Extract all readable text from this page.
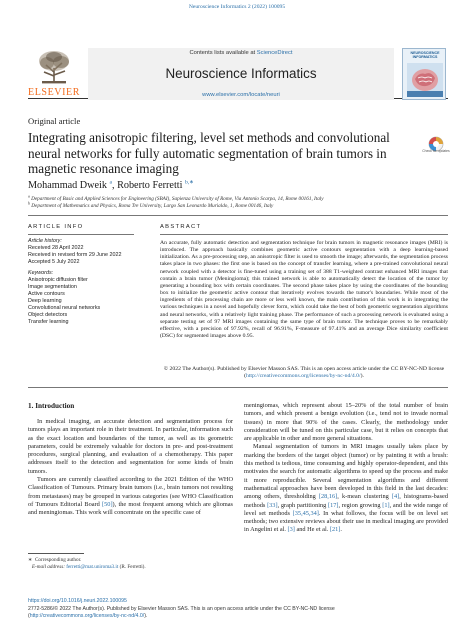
Neuroscience Informatics 2 (2022) 100095
ELSEVIER
Contents lists available at ScienceDirect
Neuroscience Informatics
www.elsevier.com/locate/neuri
NEUROSCIENCE INFORMATICS
Original article
Integrating anisotropic filtering, level set methods and convolutional neural networks for fully automatic segmentation of brain tumors in magnetic resonance imaging
Check for updates
Mohammad Dweik $^a$, Roberto Ferretti $^{b,∗}$
$^a$ Department of Basic and Applied Sciences for Engineering (SBAI), Sapienza University of Rome, Via Antonio Scarpa, 14, Rome 00161, Italy
$^b$ Department of Mathematics and Physics, Roma Tre University, Largo San Leonardo Murialdo, 1, Rome 00146, Italy
ARTICLE INFO
Article history:
Received 28 April 2022
Received in revised form 29 June 2022
Accepted 5 July 2022
Keywords:
Anisotropic diffusion filter
Image segmentation
Active contours
Deep learning
Convolutional neural networks
Object detectors
Transfer learning
ABSTRACT
An accurate, fully automatic detection and segmentation technique for brain tumors in magnetic resonance images (MRI) is introduced. The approach basically combines geometric active contours segmentation with a deep learning-based initialization. As a pre-processing step, an anisotropic filter is used to smooth the image; afterwards, the segmentation process takes place in two phases: the first one is based on the concept of transfer learning, where a pre-trained convolutional neural network coupled with a detector is fine-tuned using a training set of 388 T1-weighted contrast enhanced MRI images that contain a brain tumor (Meningioma); this trained network is able to automatically detect the location of the tumor by generating a bounding box with certain coordinates. The second phase takes place by using the coordinates of the bounding box to initialize the geometric active contour that iteratively evolves towards the tumor's boundaries. While most of the ingredients of this processing chain are more or less well known, the main contribution of this work is in integrating the various techniques in a novel and hopefully clever form, which could take the best of both geometric segmentation algorithms and neural networks, with a relatively light training phase. The performance of such a processing network is evaluated using a separate testing set of 97 MRI images containing the same type of brain tumor. The technique proves to be remarkably effective, with a precision of 97.92%, recall of 96.91%, F-measure of 97.41% and an average Dice similarity coefficient (DSC) for segmented images above 0.95.
© 2022 The Author(s). Published by Elsevier Masson SAS. This is an open access article under the CC BY-NC-ND license (http://creativecommons.org/licenses/by-nc-nd/4.0/).
1. Introduction

In medical imaging, an accurate detection and segmentation process for tumors plays an important role in their treatment. In particular, information such as the exact location and boundaries of the tumor, as well as its geometric parameters, could be extremely valuable for doctors in pre- and post-treatment procedures, surgical planning, and evaluation of a chemotherapy. This paper addresses itself to the detection and segmentation for some kinds of brain tumors.

Tumors are currently classified according to the 2021 Edition of the WHO Classification of Tumours. Primary brain tumors (i.e., brain tumors not resulting from metastases) may be grouped in various categories (see WHO Classification of Tumours Editorial Board [50]), the most frequent among which are gliomas and meningiomas. This work will concentrate on the specific case of

meningiomas, which represent about 15–20% of the total number of brain tumors, and which present a benign evolution (i.e., tend not to invade normal tissues) in more that 90% of the cases. Clearly, the methodology under consideration will be tuned on this particular case, but it relies on concepts that are applicable in other and more general situations.

Manual segmentation of tumors in MRI images usually takes place by marking the borders of the target object (tumor) or by painting it with a brush: this method is tedious, time consuming and highly operator-dependent, and this motivates the search for automatic algorithms to speed up the process and make it more reproducible. Several segmentation algorithms and different mathematical approaches have been developed in this field in the last decades: among others, thresholding [28,16], k-mean clustering [4], histograms-based methods [33], graph partitioning [17], region growing [1], and the wide range of level set methods [35,45,34]. In what follows, the focus will be on level set methods; two extensive reviews about their use in medical imaging are provided in Angelini et al. [3] and He et al. [21].

∗ Corresponding author.
E-mail address: ferretti@mat.uniroma3.it (R. Ferretti).
https://doi.org/10.1016/j.neuri.2022.100095
2772-5286/© 2022 The Author(s). Published by Elsevier Masson SAS. This is an open access article under the CC BY-NC-ND license
(http://creativecommons.org/licenses/by-nc-nd/4.0/).
